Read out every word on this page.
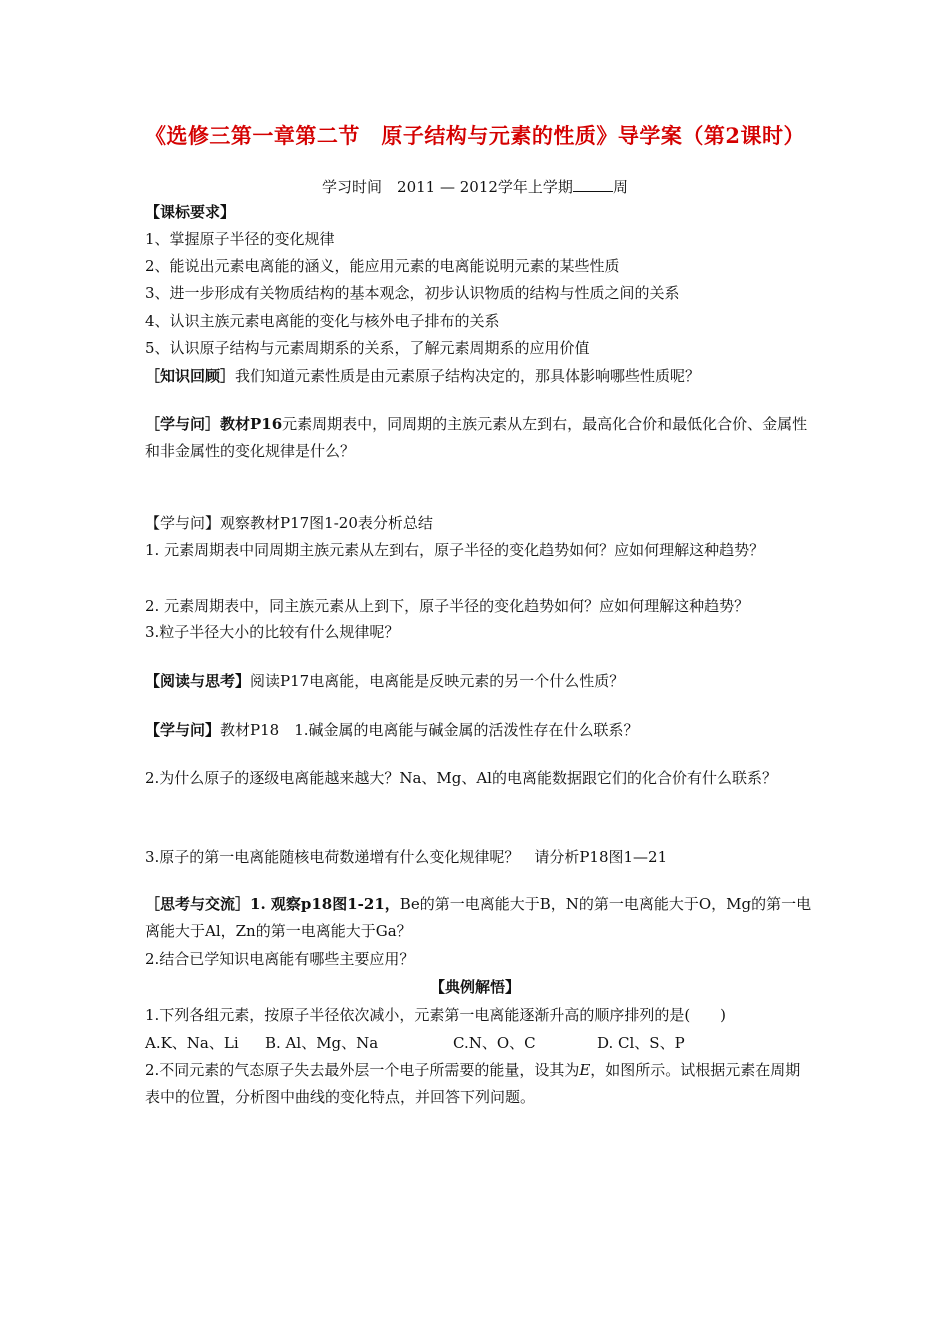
《选修三第一章第二节　原子结构与元素的性质》导学案（第2课时）
学习时间　2011 — 2012学年上学期	周
【课标要求】
1、掌握原子半径的变化规律
2、能说出元素电离能的涵义，能应用元素的电离能说明元素的某些性质
3、进一步形成有关物质结构的基本观念，初步认识物质的结构与性质之间的关系
4、认识主族元素电离能的变化与核外电子排布的关系
5、认识原子结构与元素周期系的关系，了解元素周期系的应用价值
［知识回顾］我们知道元素性质是由元素原子结构决定的，那具体影响哪些性质呢？
［学与问］教材P16元素周期表中，同周期的主族元素从左到右，最高化合价和最低化合价、金属性和非金属性的变化规律是什么？
【学与问】观察教材P17图1-20表分析总结
1. 元素周期表中同周期主族元素从左到右，原子半径的变化趋势如何？应如何理解这种趋势？
2. 元素周期表中，同主族元素从上到下，原子半径的变化趋势如何？应如何理解这种趋势？
3.粒子半径大小的比较有什么规律呢？
【阅读与思考】阅读P17电离能，电离能是反映元素的另一个什么性质？
【学与问】教材P18　1.碱金属的电离能与碱金属的活泼性存在什么联系？
2.为什么原子的逐级电离能越来越大？Na、Mg、Al的电离能数据跟它们的化合价有什么联系？
3.原子的第一电离能随核电荷数递增有什么变化规律呢？　请分析P18图1—21
［思考与交流］1. 观察p18图1-21，Be的第一电离能大于B，N的第一电离能大于O，Mg的第一电离能大于Al，Zn的第一电离能大于Ga？
2.结合已学知识电离能有哪些主要应用？
【典例解悟】
1.下列各组元素，按原子半径依次减小，元素第一电离能逐渐升高的顺序排列的是(　　)
A.K、Na、Li B. Al、Mg、Na	C.N、O、C	D. Cl、S、P
2.不同元素的气态原子失去最外层一个电子所需要的能量，设其为E，如图所示。试根据元素在周期表中的位置，分析图中曲线的变化特点，并回答下列问题。
